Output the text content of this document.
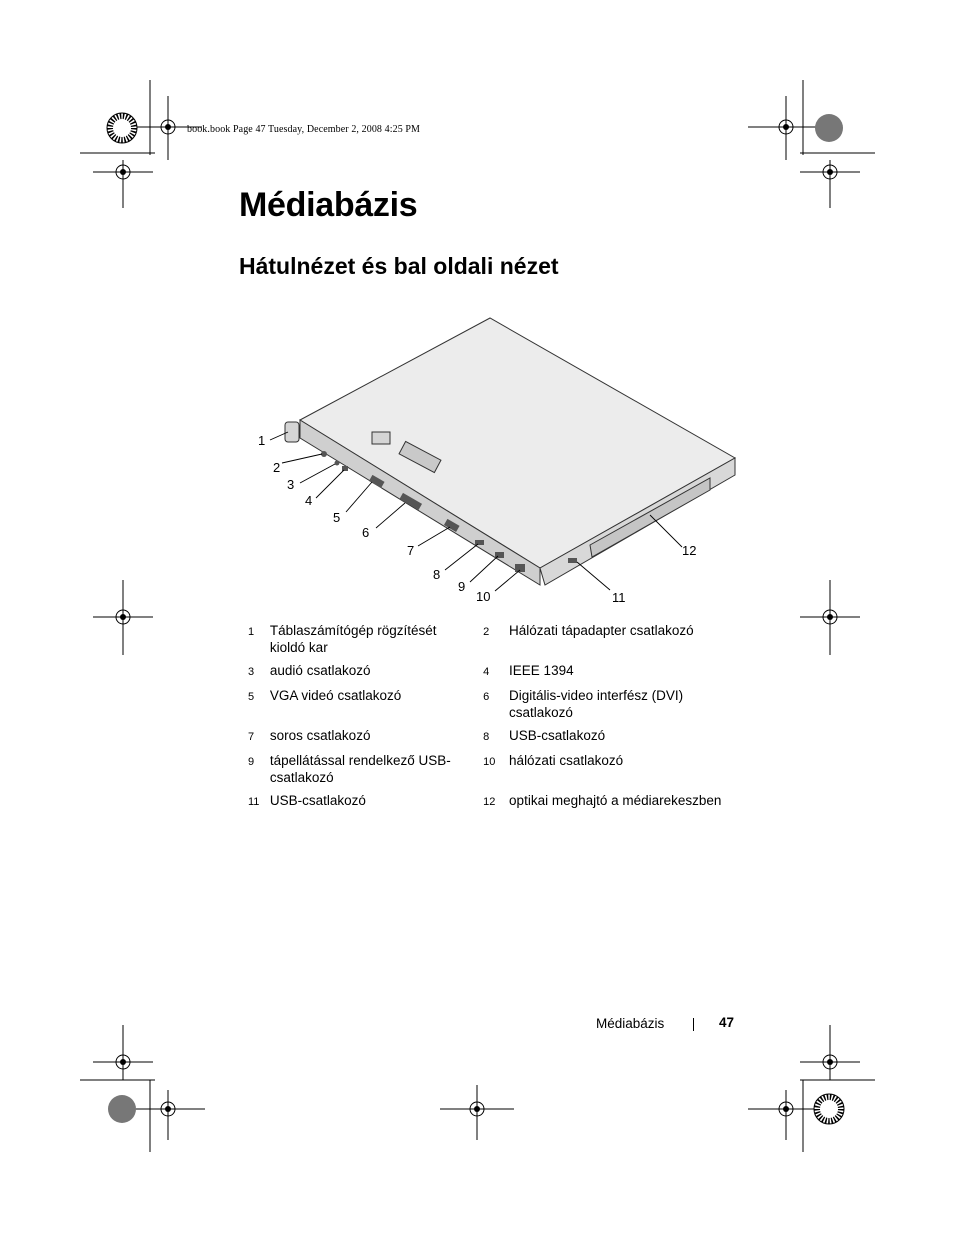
book.book Page 47 Tuesday, December 2, 2008 4:25 PM
Médiabázis
Hátulnézet és bal oldali nézet
1
2
3
4
5
6
7
8
9
10	11
12
1	Táblaszámítógép rögzítését kioldó kar	2	Hálózati tápadapter csatlakozó
3	audió csatlakozó	4	IEEE 1394
5	VGA videó csatlakozó	6	Digitális-video interfész (DVI) csatlakozó
7	soros csatlakozó	8	USB-csatlakozó
9	tápellátással rendelkező USB-csatlakozó	10	hálózati csatlakozó
11	USB-csatlakozó	12	optikai meghajtó a médiarekeszben
Médiabázis	47
